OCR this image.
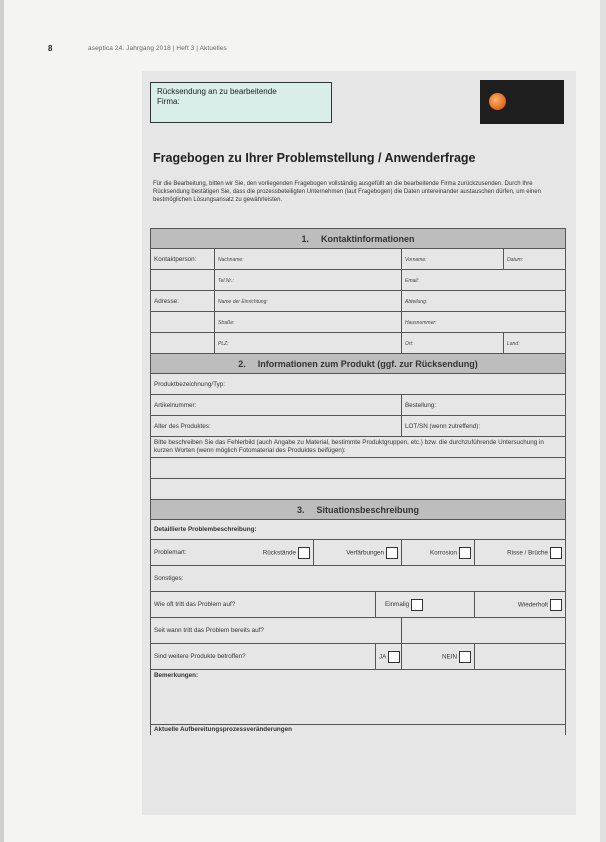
8	aseptica 24. Jahrgang 2018 | Heft 3 | Aktuelles
Rücksendung an zu bearbeitende
Firma:
Fragebogen zu Ihrer Problemstellung / Anwenderfrage
Für die Bearbeitung, bitten wir Sie, den vorliegenden Fragebogen vollständig ausgefüllt an die bearbeitende Firma zurückzusenden. Durch Ihre Rücksendung bestätigen Sie, dass die prozessbeteiligten Unternehmen (laut Fragebogen) die Daten untereinander austauschen dürfen, um einen bestmöglichen Lösungsansatz zu gewährleisten.
1. Kontaktinformationen						
Kontaktperson:	Nachname:			Vorname:		Datum:
	Tel.Nr.:			Email:		
Adresse:	Name der Einrichtung:			Abteilung:		
	Straße:			Hausnummer:		
	PLZ:			Ort:		Land:
2. Informationen zum Produkt (ggf. zur Rücksendung)						
Produktbezeichnung/Typ:						
Artikelnummer:				Bestellung:		
Alter des Produktes:				LOT/SN (wenn zutreffend):		
Bitte beschreiben Sie das Fehlerbild (auch Angabe zu Material, bestimmte Produktgruppen, etc.) bzw. die durchzuführende Untersuchung in kurzen Worten (wenn möglich Fotomaterial des Produktes beifügen):						

3. Situationsbeschreibung						
Detaillierte Problembeschreibung:						
Problemart:	Rückstände	Verfärbungen		Korrosion	Risse / Brüche	
Sonstiges:						
Wie oft tritt das Problem auf?			Einmalig		Wiederholt	
Seit wann tritt das Problem bereits auf?						
Sind weitere Produkte betroffen?			JA	NEIN		
Bemerkungen:						
Aktuelle Aufbereitungsprozessveränderungen						
